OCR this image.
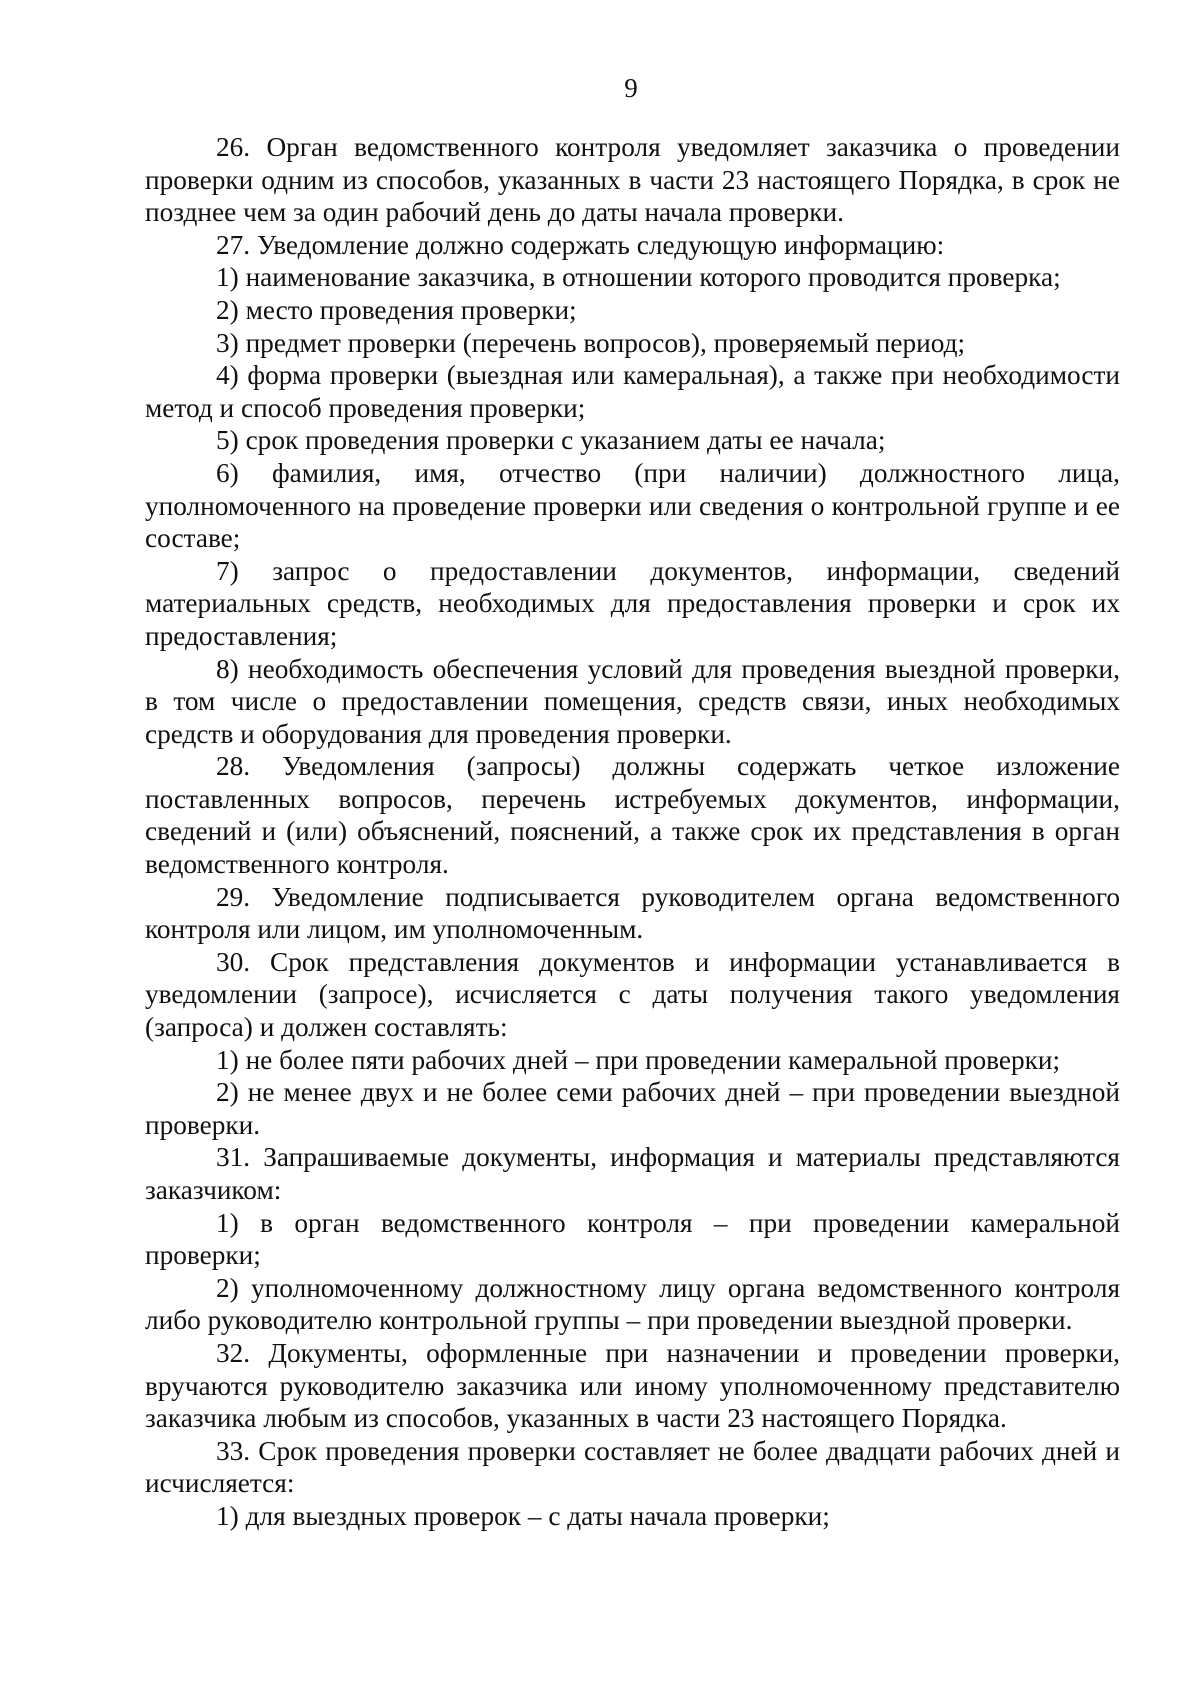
9

26. Орган ведомственного контроля уведомляет заказчика о проведении проверки одним из способов, указанных в части 23 настоящего Порядка, в срок не позднее чем за один рабочий день до даты начала проверки.

27. Уведомление должно содержать следующую информацию:

1) наименование заказчика, в отношении которого проводится проверка;

2) место проведения проверки;

3) предмет проверки (перечень вопросов), проверяемый период;

4) форма проверки (выездная или камеральная), а также при необходимости метод и способ проведения проверки;

5) срок проведения проверки с указанием даты ее начала;

6) фамилия, имя, отчество (при наличии) должностного лица, уполномоченного на проведение проверки или сведения о контрольной группе и ее составе;

7) запрос о предоставлении документов, информации, сведений материальных средств, необходимых для предоставления проверки и срок их предоставления;

8) необходимость обеспечения условий для проведения выездной проверки, в том числе о предоставлении помещения, средств связи, иных необходимых средств и оборудования для проведения проверки.

28. Уведомления (запросы) должны содержать четкое изложение поставленных вопросов, перечень истребуемых документов, информации, сведений и (или) объяснений, пояснений, а также срок их представления в орган ведомственного контроля.

29. Уведомление подписывается руководителем органа ведомственного контроля или лицом, им уполномоченным.

30. Срок представления документов и информации устанавливается в уведомлении (запросе), исчисляется с даты получения такого уведомления (запроса) и должен составлять:

1) не более пяти рабочих дней – при проведении камеральной проверки;

2) не менее двух и не более семи рабочих дней – при проведении выездной проверки.

31. Запрашиваемые документы, информация и материалы представляются заказчиком:

1) в орган ведомственного контроля – при проведении камеральной проверки;

2) уполномоченному должностному лицу органа ведомственного контроля либо руководителю контрольной группы – при проведении выездной проверки.

32. Документы, оформленные при назначении и проведении проверки, вручаются руководителю заказчика или иному уполномоченному представителю заказчика любым из способов, указанных в части 23 настоящего Порядка.

33. Срок проведения проверки составляет не более двадцати рабочих дней и исчисляется:

1) для выездных проверок – с даты начала проверки;
